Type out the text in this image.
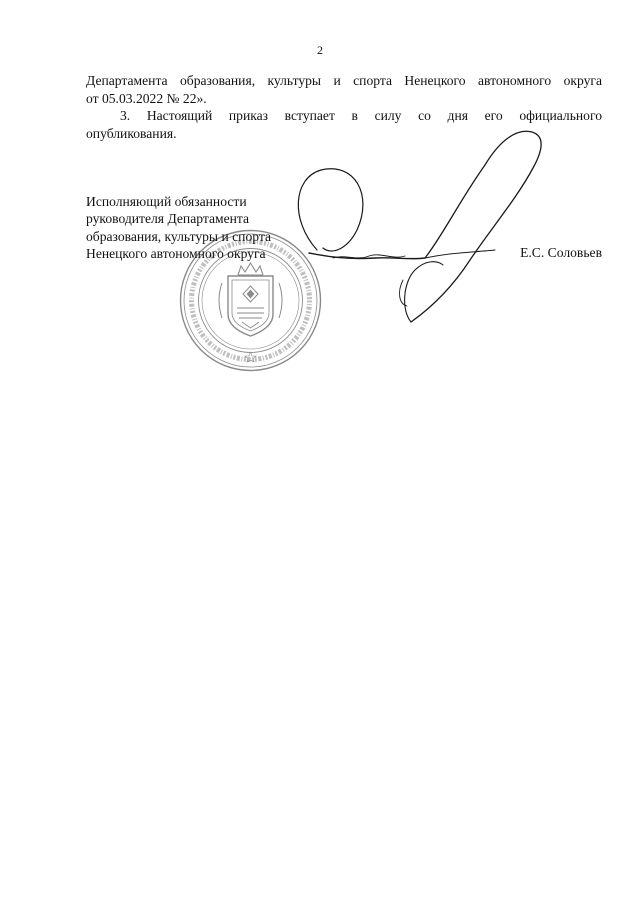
2
Департамента образования, культуры и спорта Ненецкого автономного округа
от 05.03.2022 № 22».
3. Настоящий приказ вступает в силу со дня его официального
опубликования.
Исполняющий обязанности
руководителя Департамента
образования, культуры и спорта
Ненецкого автономного округа	Е.С. Соловьев
